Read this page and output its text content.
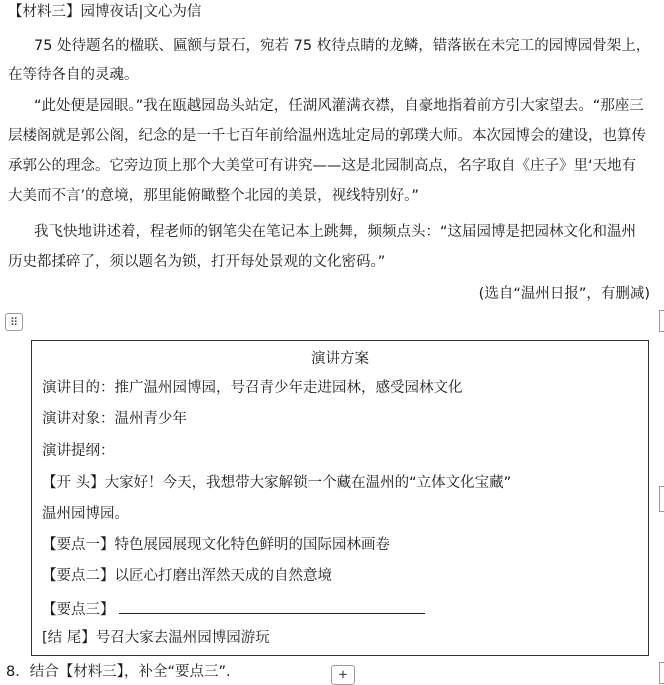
【材料三】园博夜话|文心为信
75 处待题名的楹联、匾额与景石，宛若 75 枚待点睛的龙鳞，错落嵌在未完工的园博园骨架上，
在等待各自的灵魂。
“此处便是园眼。”我在瓯越园岛头站定，任湖风灌满衣襟，自豪地指着前方引大家望去。“那座三
层楼阁就是郭公阁，纪念的是一千七百年前给温州选址定局的郭璞大师。本次园博会的建设，也算传
承郭公的理念。它旁边顶上那个大美堂可有讲究——这是北园制高点，名字取自《庄子》里‘天地有
大美而不言’的意境，那里能俯瞰整个北园的美景，视线特别好。”
我飞快地讲述着，程老师的钢笔尖在笔记本上跳舞，频频点头：“这届园博是把园林文化和温州
历史都揉碎了，须以题名为锁，打开每处景观的文化密码。”
(选自“温州日报”，有删减)
⠿
演讲方案
演讲目的：推广温州园博园，号召青少年走进园林，感受园林文化
演讲对象：温州青少年
演讲提纲：
【开 头】大家好！今天，我想带大家解锁一个藏在温州的“立体文化宝藏”
温州园博园。
【要点一】特色展园展现文化特色鲜明的国际园林画卷
【要点二】以匠心打磨出浑然天成的自然意境
【要点三】
[结 尾】号召大家去温州园博园游玩
8．结合【材料三】，补全“要点三”.	+
